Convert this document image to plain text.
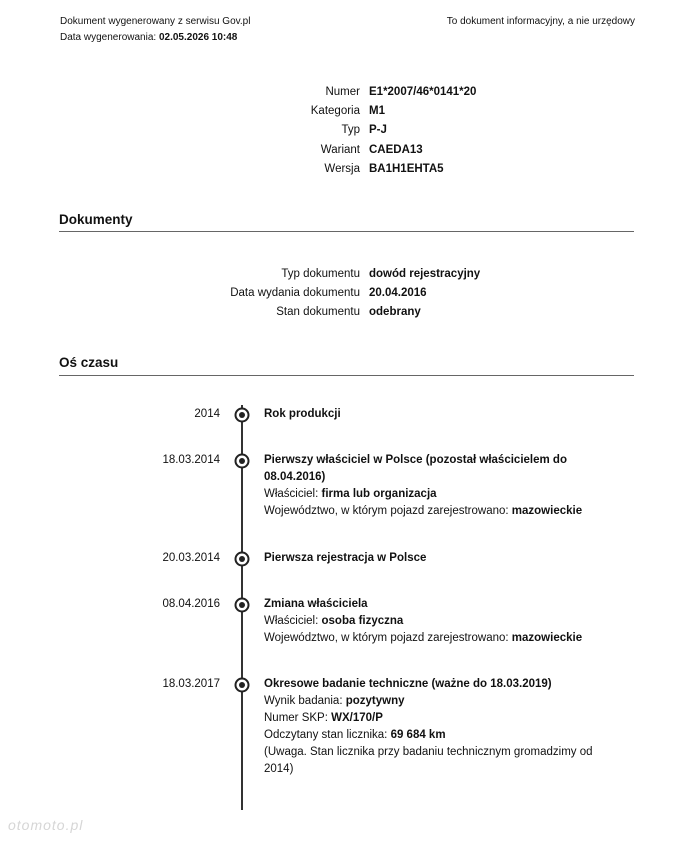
Dokument wygenerowany z serwisu Gov.pl
Data wygenerowania: 02.05.2026 10:48
To dokument informacyjny, a nie urzędowy
Numer E1*2007/46*0141*20
Kategoria M1
Typ P-J
Wariant CAEDA13
Wersja BA1H1EHTA5
Dokumenty
Typ dokumentu dowód rejestracyjny
Data wydania dokumentu 20.04.2016
Stan dokumentu odebrany
Oś czasu
2014	Rok produkcji
18.03.2014	Pierwszy właściciel w Polsce (pozostał właścicielem do 08.04.2016)
Właściciel: firma lub organizacja
Województwo, w którym pojazd zarejestrowano: mazowieckie
20.03.2014	Pierwsza rejestracja w Polsce
08.04.2016	Zmiana właściciela
Właściciel: osoba fizyczna
Województwo, w którym pojazd zarejestrowano: mazowieckie
18.03.2017	Okresowe badanie techniczne (ważne do 18.03.2019)
Wynik badania: pozytywny
Numer SKP: WX/170/P
Odczytany stan licznika: 69 684 km
(Uwaga. Stan licznika przy badaniu technicznym gromadzimy od 2014)
otomoto.pl
